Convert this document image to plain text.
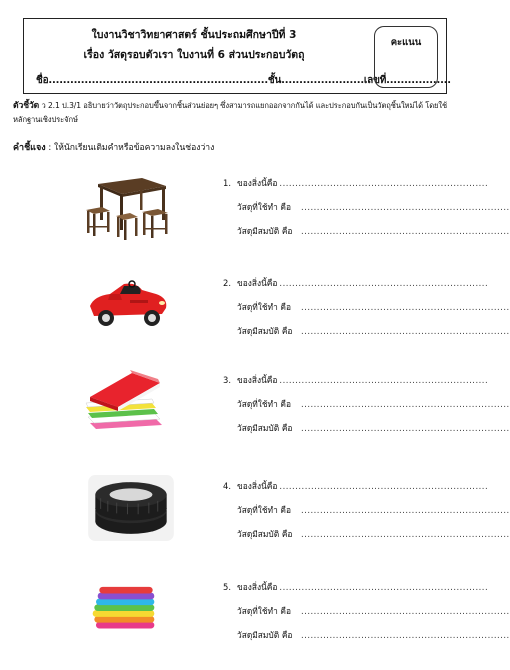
ใบงานวิชาวิทยาศาสตร์ ชั้นประถมศึกษาปีที่ 3
เรื่อง วัสดุรอบตัวเรา ใบงานที่ 6 ส่วนประกอบวัตถุ
ชื่อ.............................................................ชั้น.......................เลขที่..................
คะแนน
ตัวชี้วัด ว 2.1 ป.3/1 อธิบายว่าวัตถุประกอบขึ้นจากชิ้นส่วนย่อยๆ ซึ่งสามารถแยกออกจากกันได้ และประกอบกันเป็นวัตถุชิ้นใหม่ได้ โดยใช้หลักฐานเชิงประจักษ์
คำชี้แจง : ให้นักเรียนเติมคำหรือข้อความลงในช่องว่าง
1. ของสิ่งนี้คือ ..................................................................
วัสดุที่ใช้ทำ คือ ..................................................................
วัสดุมีสมบัติ คือ ..................................................................
2. ของสิ่งนี้คือ ..................................................................
วัสดุที่ใช้ทำ คือ ..................................................................
วัสดุมีสมบัติ คือ ..................................................................
3. ของสิ่งนี้คือ ..................................................................
วัสดุที่ใช้ทำ คือ ..................................................................
วัสดุมีสมบัติ คือ ..................................................................
4. ของสิ่งนี้คือ ..................................................................
วัสดุที่ใช้ทำ คือ ..................................................................
วัสดุมีสมบัติ คือ ..................................................................
5. ของสิ่งนี้คือ ..................................................................
วัสดุที่ใช้ทำ คือ ..................................................................
วัสดุมีสมบัติ คือ ..................................................................
